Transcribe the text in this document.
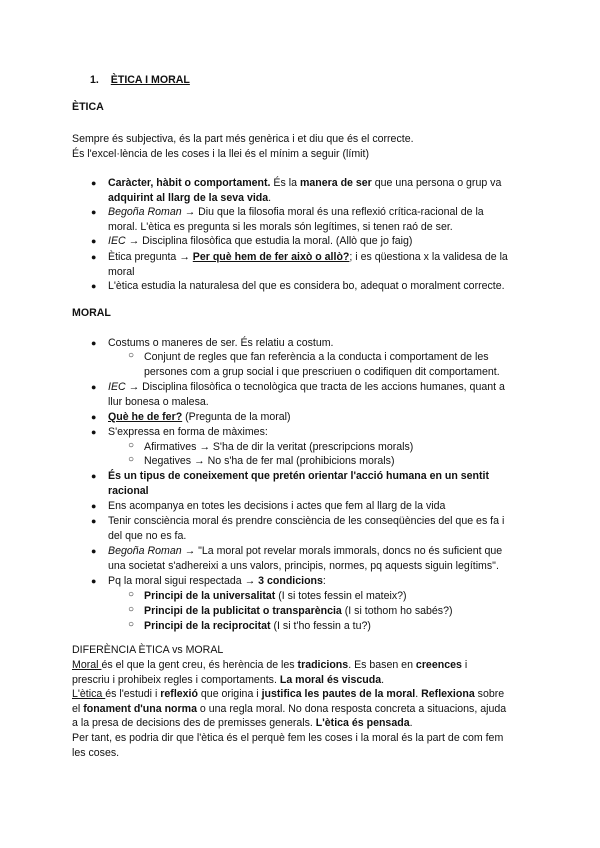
1. ÈTICA I MORAL
ÈTICA
Sempre és subjectiva, és la part més genèrica i et diu que és el correcte.
És l'excel·lència de les coses i la llei és el mínim a seguir (límit)
● Caràcter, hàbit o comportament. És la manera de ser que una persona o grup va
adquirint al llarg de la seva vida.
● Begoña Roman → Diu que la filosofia moral és una reflexió crítica-racional de la
moral. L'ètica es pregunta si les morals són legítimes, si tenen raó de ser.
● IEC → Disciplina filosòfica que estudia la moral. (Allò que jo faig)
● Ètica pregunta → Per què hem de fer això o allò?; i es qüestiona x la validesa de la
moral
● L'ètica estudia la naturalesa del que es considera bo, adequat o moralment correcte.
MORAL
● Costums o maneres de ser. És relatiu a costum.
○ Conjunt de regles que fan referència a la conducta i comportament de les
persones com a grup social i que prescriuen o codifiquen dit comportament.
● IEC → Disciplina filosòfica o tecnològica que tracta de les accions humanes, quant a
llur bonesa o malesa.
● Què he de fer? (Pregunta de la moral)
● S'expressa en forma de màximes:
○ Afirmatives → S'ha de dir la veritat (prescripcions morals)
○ Negatives → No s'ha de fer mal (prohibicions morals)
● És un tipus de coneixement que pretén orientar l'acció humana en un sentit
racional
● Ens acompanya en totes les decisions i actes que fem al llarg de la vida
● Tenir consciència moral és prendre consciència de les conseqüències del que es fa i
del que no es fa.
● Begoña Roman → "La moral pot revelar morals immorals, doncs no és suficient que
una societat s'adhereixi a uns valors, principis, normes, pq aquests siguin legítims".
● Pq la moral sigui respectada → 3 condicions:
○ Principi de la universalitat (I si totes fessin el mateix?)
○ Principi de la publicitat o transparència (I si tothom ho sabés?)
○ Principi de la reciprocitat (I si t'ho fessin a tu?)
DIFERÈNCIA ÈTICA vs MORAL
Moral és el que la gent creu, és herència de les tradicions. Es basen en creences i
prescriu i prohibeix regles i comportaments. La moral és viscuda.
L'ètica és l'estudi i reflexió que origina i justifica les pautes de la moral. Reflexiona sobre
el fonament d'una norma o una regla moral. No dona resposta concreta a situacions, ajuda
a la presa de decisions des de premisses generals. L'ètica és pensada.
Per tant, es podria dir que l'ètica és el perquè fem les coses i la moral és la part de com fem
les coses.
